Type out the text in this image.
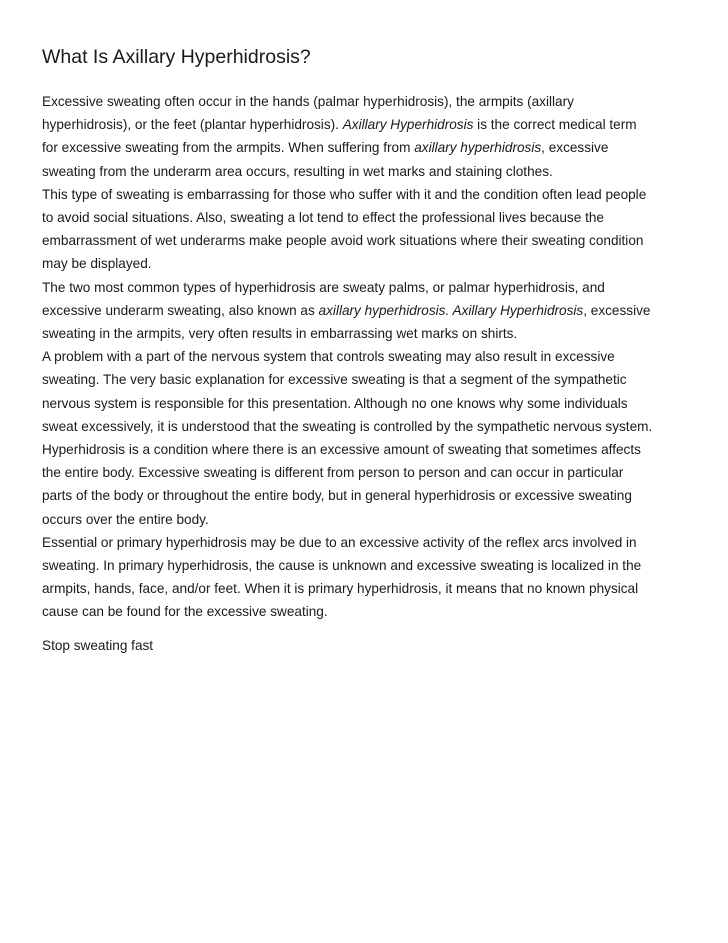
What Is Axillary Hyperhidrosis?

Excessive sweating often occur in the hands (palmar hyperhidrosis), the armpits (axillary
hyperhidrosis), or the feet (plantar hyperhidrosis). Axillary Hyperhidrosis is the correct medical term
for excessive sweating from the armpits. When suffering from axillary hyperhidrosis, excessive
sweating from the underarm area occurs, resulting in wet marks and staining clothes.

This type of sweating is embarrassing for those who suffer with it and the condition often lead people
to avoid social situations. Also, sweating a lot tend to effect the professional lives because the
embarrassment of wet underarms make people avoid work situations where their sweating condition
may be displayed.

The two most common types of hyperhidrosis are sweaty palms, or palmar hyperhidrosis, and
excessive underarm sweating, also known as axillary hyperhidrosis. Axillary Hyperhidrosis, excessive
sweating in the armpits, very often results in embarrassing wet marks on shirts.

A problem with a part of the nervous system that controls sweating may also result in excessive
sweating. The very basic explanation for excessive sweating is that a segment of the sympathetic
nervous system is responsible for this presentation. Although no one knows why some individuals
sweat excessively, it is understood that the sweating is controlled by the sympathetic nervous system.

Hyperhidrosis is a condition where there is an excessive amount of sweating that sometimes affects
the entire body. Excessive sweating is different from person to person and can occur in particular
parts of the body or throughout the entire body, but in general hyperhidrosis or excessive sweating
occurs over the entire body.

Essential or primary hyperhidrosis may be due to an excessive activity of the reflex arcs involved in
sweating. In primary hyperhidrosis, the cause is unknown and excessive sweating is localized in the
armpits, hands, face, and/or feet. When it is primary hyperhidrosis, it means that no known physical
cause can be found for the excessive sweating.

Stop sweating fast
